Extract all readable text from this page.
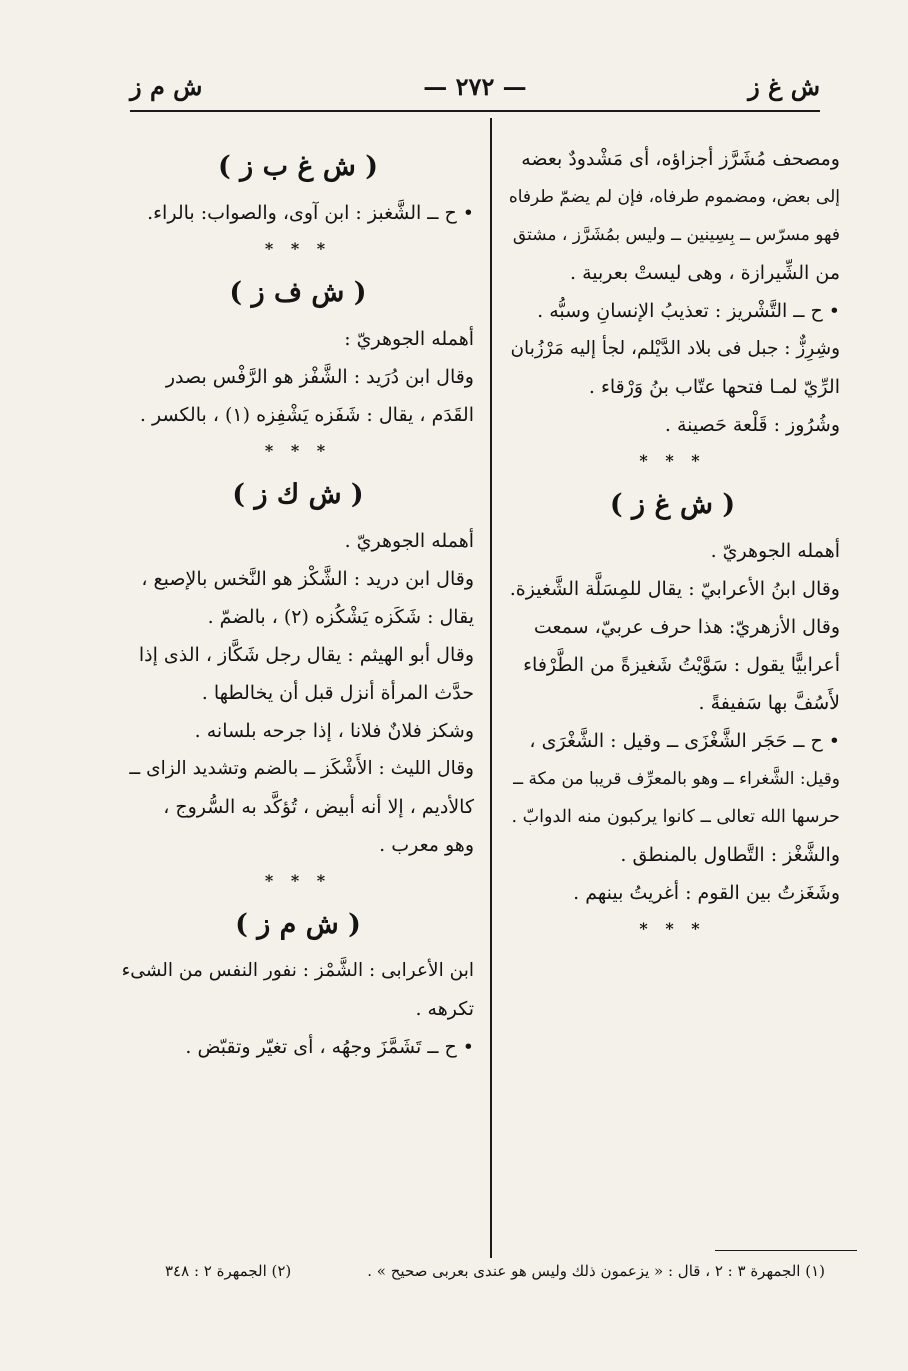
ش غ ز
— ٢٧٢ —
ش م ز
ومصحف مُشَرَّز أجزاؤه، أى مَشْدودٌ بعضه
إلى بعض، ومضموم طرفاه، فإن لم يضمّ طرفاه
فهو مسرّس ــ بِسِينين ــ وليس بمُشَرَّز ، مشتق
من الشِّيرازة ، وهى ليستْ بعربية .
• ح ــ التَّشْريز : تعذيبُ الإنسانِ وسبُّه .
وشِرِزٌّ : جبل فى بلاد الدَّيْلم، لجأ إليه مَرْزُبان
الرِّيّ لمـا فتحها عتّاب بنُ وَرْقاء .
وشُرُوز : قَلْعة حَصينة .
* * *
( ش غ ز )
أهمله الجوهريّ .
وقال ابنُ الأعرابيّ : يقال للمِسَلَّة الشَّغيزة.
وقال الأزهريّ: هذا حرف عربيّ، سمعت
أعرابيًّا يقول : سَوَّيْتُ شَغيزةً من الطَّرْفاء
لأَسُفَّ بها سَفيفةً .
• ح ــ حَجَر الشَّغْزَى ــ وقيل : الشَّغْرَى ،
وقيل: الشَّغراء ــ وهو بالمعرِّف قريبا من مكة ــ
حرسها الله تعالى ــ كانوا يركبون منه الدوابّ .
والشَّغْز : التَّطاول بالمنطق .
وشَغَزتُ بين القوم : أغريتُ بينهم .
* * *
( ش غ ب ز )
• ح ــ الشَّغبز : ابن آوى، والصواب: بالراء.
* * *
( ش ف ز )
أهمله الجوهريّ :
وقال ابن دُرَيد : الشَّفْز هو الرَّفْس بصدر
القَدَم ، يقال : شَفَزه يَشْفِزه (١) ، بالكسر .
* * *
( ش ك ز )
أهمله الجوهريّ .
وقال ابن دريد : الشَّكْز هو النَّخس بالإصبع ،
يقال : شَكَزه يَشْكُزه (٢) ، بالضمّ .
وقال أبو الهيثم : يقال رجل شَكَّاز ، الذى إذا
حدَّث المرأة أنزل قبل أن يخالطها .
وشكز فلانٌ فلانا ، إذا جرحه بلسانه .
وقال الليث : الأَشْكَز ــ بالضم وتشديد الزاى ــ
كالأديم ، إلا أنه أبيض ، تُؤكَّد به السُّروج ،
وهو معرب .
* * *
( ش م ز )
ابن الأعرابى : الشَّمْز : نفور النفس من الشىء
تكرهه .
• ح ــ تَشَمَّزَ وجهُه ، أى تغيّر وتقبّض .
(١) الجمهرة ٣ : ٢ ، قال : « يزعمون ذلك وليس هو عندى بعربى صحيح » .
(٢) الجمهرة ٢ : ٣٤٨
